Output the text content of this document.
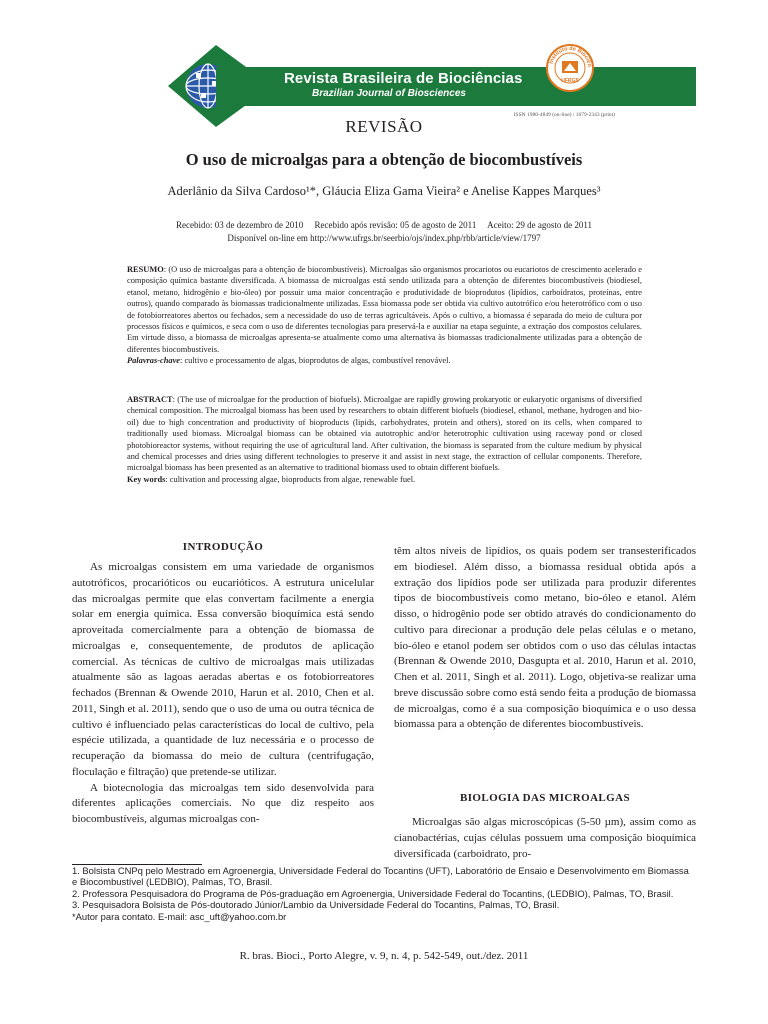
Revista Brasileira de Biociências
Brazilian Journal of Biosciences
Instituto de Biociên
UFRGS
ISSN 1980-4849 (on-line) / 1679-2343 (print)
REVISÃO
O uso de microalgas para a obtenção de biocombustíveis
Aderlânio da Silva Cardoso¹*, Gláucia Eliza Gama Vieira² e Anelise Kappes Marques³
Recebido: 03 de dezembro de 2010 Recebido após revisão: 05 de agosto de 2011 Aceito: 29 de agosto de 2011
Disponível on-line em http://www.ufrgs.br/seerbio/ojs/index.php/rbb/article/view/1797
RESUMO: (O uso de microalgas para a obtenção de biocombustíveis). Microalgas são organismos procariotos ou eucariotos de crescimento acelerado e composição química bastante diversificada. A biomassa de microalgas está sendo utilizada para a obtenção de diferentes biocombustíveis (biodiesel, etanol, metano, hidrogênio e bio-óleo) por possuir uma maior concentração e produtividade de bioprodutos (lipídios, carboidratos, proteínas, entre outros), quando comparado às biomassas tradicionalmente utilizadas. Essa biomassa pode ser obtida via cultivo autotrófico e/ou heterotrófico com o uso de fotobiorreatores abertos ou fechados, sem a necessidade do uso de terras agricultáveis. Após o cultivo, a biomassa é separada do meio de cultura por processos físicos e químicos, e seca com o uso de diferentes tecnologias para preservá-la e auxiliar na etapa seguinte, a extração dos compostos celulares. Em virtude disso, a biomassa de microalgas apresenta-se atualmente como uma alternativa às biomassas tradicionalmente utilizadas para a obtenção de diferentes biocombustíveis.
Palavras-chave: cultivo e processamento de algas, bioprodutos de algas, combustível renovável.
ABSTRACT: (The use of microalgae for the production of biofuels). Microalgae are rapidly growing prokaryotic or eukaryotic organisms of diversified chemical composition. The microalgal biomass has been used by researchers to obtain different biofuels (biodiesel, ethanol, methane, hydrogen and bio-oil) due to high concentration and productivity of bioproducts (lipids, carbohydrates, protein and others), stored on its cells, when compared to traditionally used biomass. Microalgal biomass can be obtained via autotrophic and/or heterotrophic cultivation using raceway pond or closed photobioreactor systems, without requiring the use of agricultural land. After cultivation, the biomass is separated from the culture medium by physical and chemical processes and dries using different technologies to preserve it and assist in next stage, the extraction of cellular components. Therefore, microalgal biomass has been presented as an alternative to traditional biomass used to obtain different biofuels.
Key words: cultivation and processing algae, bioproducts from algae, renewable fuel.
INTRODUÇÃO

As microalgas consistem em uma variedade de organismos autotróficos, procarióticos ou eucarióticos. A estrutura unicelular das microalgas permite que elas convertam facilmente a energia solar em energia química. Essa conversão bioquímica está sendo aproveitada comercialmente para a obtenção de biomassa de microalgas e, consequentemente, de produtos de aplicação comercial. As técnicas de cultivo de microalgas mais utilizadas atualmente são as lagoas aeradas abertas e os fotobiorreatores fechados (Brennan & Owende 2010, Harun et al. 2010, Chen et al. 2011, Singh et al. 2011), sendo que o uso de uma ou outra técnica de cultivo é influenciado pelas características do local de cultivo, pela espécie utilizada, a quantidade de luz necessária e o processo de recuperação da biomassa do meio de cultura (centrifugação, floculação e filtração) que pretende-se utilizar.

A biotecnologia das microalgas tem sido desenvolvida para diferentes aplicações comerciais. No que diz respeito aos biocombustíveis, algumas microalgas con-

têm altos níveis de lipídios, os quais podem ser transesterificados em biodiesel. Além disso, a biomassa residual obtida após a extração dos lipídios pode ser utilizada para produzir diferentes tipos de biocombustíveis como metano, bio-óleo e etanol. Além disso, o hidrogênio pode ser obtido através do condicionamento do cultivo para direcionar a produção dele pelas células e o metano, bio-óleo e etanol podem ser obtidos com o uso das células intactas (Brennan & Owende 2010, Dasgupta et al. 2010, Harun et al. 2010, Chen et al. 2011, Singh et al. 2011). Logo, objetiva-se realizar uma breve discussão sobre como está sendo feita a produção de biomassa de microalgas, como é a sua composição bioquímica e o uso dessa biomassa para a obtenção de diferentes biocombustíveis.

BIOLOGIA DAS MICROALGAS

Microalgas são algas microscópicas (5-50 µm), assim como as cianobactérias, cujas células possuem uma composição bioquímica diversificada (carboidrato, pro-

1. Bolsista CNPq pelo Mestrado em Agroenergia, Universidade Federal do Tocantins (UFT), Laboratório de Ensaio e Desenvolvimento em Biomassa e Biocombustível (LEDBIO), Palmas, TO, Brasil.
2. Professora Pesquisadora do Programa de Pós-graduação em Agroenergia, Universidade Federal do Tocantins, (LEDBIO), Palmas, TO, Brasil.
3. Pesquisadora Bolsista de Pós-doutorado Júnior/Lambio da Universidade Federal do Tocantins, Palmas, TO, Brasil.
*Autor para contato. E-mail: asc_uft@yahoo.com.br
R. bras. Bioci., Porto Alegre, v. 9, n. 4, p. 542-549, out./dez. 2011
